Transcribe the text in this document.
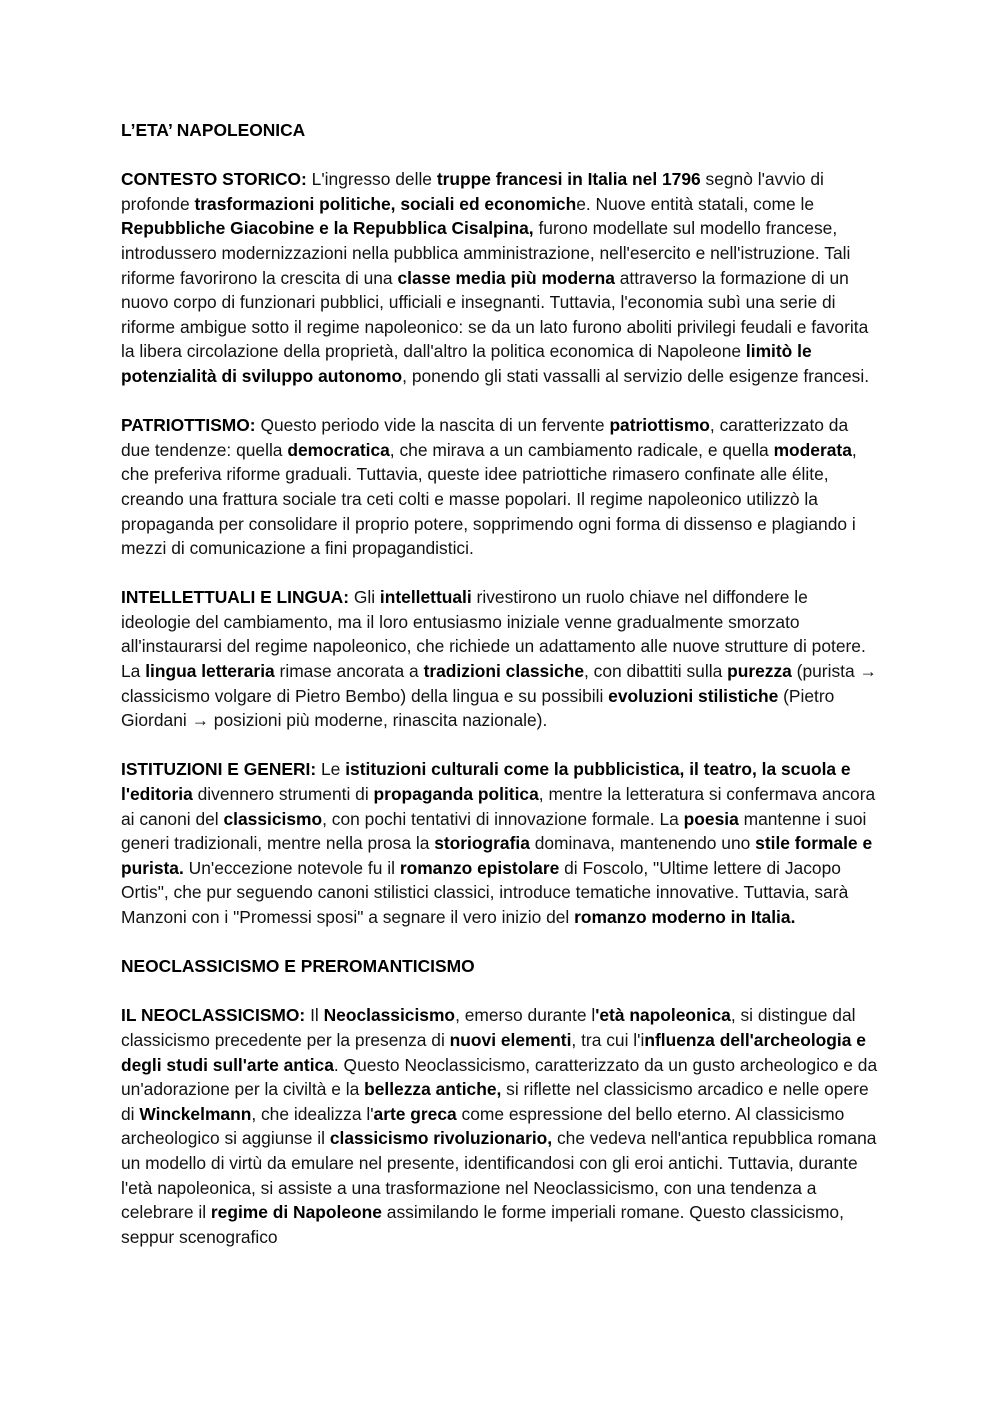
L’ETA’ NAPOLEONICA

CONTESTO STORICO: L'ingresso delle truppe francesi in Italia nel 1796 segnò l'avvio di profonde trasformazioni politiche, sociali ed economiche. Nuove entità statali, come le Repubbliche Giacobine e la Repubblica Cisalpina, furono modellate sul modello francese, introdussero modernizzazioni nella pubblica amministrazione, nell'esercito e nell'istruzione. Tali riforme favorirono la crescita di una classe media più moderna attraverso la formazione di un nuovo corpo di funzionari pubblici, ufficiali e insegnanti. Tuttavia, l'economia subì una serie di riforme ambigue sotto il regime napoleonico: se da un lato furono aboliti privilegi feudali e favorita la libera circolazione della proprietà, dall'altro la politica economica di Napoleone limitò le potenzialità di sviluppo autonomo, ponendo gli stati vassalli al servizio delle esigenze francesi.

PATRIOTTISMO: Questo periodo vide la nascita di un fervente patriottismo, caratterizzato da due tendenze: quella democratica, che mirava a un cambiamento radicale, e quella moderata, che preferiva riforme graduali. Tuttavia, queste idee patriottiche rimasero confinate alle élite, creando una frattura sociale tra ceti colti e masse popolari. Il regime napoleonico utilizzò la propaganda per consolidare il proprio potere, sopprimendo ogni forma di dissenso e plagiando i mezzi di comunicazione a fini propagandistici.

INTELLETTUALI E LINGUA: Gli intellettuali rivestirono un ruolo chiave nel diffondere le ideologie del cambiamento, ma il loro entusiasmo iniziale venne gradualmente smorzato all'instaurarsi del regime napoleonico, che richiede un adattamento alle nuove strutture di potere. La lingua letteraria rimase ancorata a tradizioni classiche, con dibattiti sulla purezza (purista → classicismo volgare di Pietro Bembo) della lingua e su possibili evoluzioni stilistiche (Pietro Giordani → posizioni più moderne, rinascita nazionale).

ISTITUZIONI E GENERI: Le istituzioni culturali come la pubblicistica, il teatro, la scuola e l'editoria divennero strumenti di propaganda politica, mentre la letteratura si confermava ancora ai canoni del classicismo, con pochi tentativi di innovazione formale. La poesia mantenne i suoi generi tradizionali, mentre nella prosa la storiografia dominava, mantenendo uno stile formale e purista. Un'eccezione notevole fu il romanzo epistolare di Foscolo, "Ultime lettere di Jacopo Ortis", che pur seguendo canoni stilistici classici, introduce tematiche innovative. Tuttavia, sarà Manzoni con i "Promessi sposi" a segnare il vero inizio del romanzo moderno in Italia.

NEOCLASSICISMO E PREROMANTICISMO

IL NEOCLASSICISMO: Il Neoclassicismo, emerso durante l'età napoleonica, si distingue dal classicismo precedente per la presenza di nuovi elementi, tra cui l'influenza dell'archeologia e degli studi sull'arte antica. Questo Neoclassicismo, caratterizzato da un gusto archeologico e da un'adorazione per la civiltà e la bellezza antiche, si riflette nel classicismo arcadico e nelle opere di Winckelmann, che idealizza l'arte greca come espressione del bello eterno. Al classicismo archeologico si aggiunse il classicismo rivoluzionario, che vedeva nell'antica repubblica romana un modello di virtù da emulare nel presente, identificandosi con gli eroi antichi. Tuttavia, durante l'età napoleonica, si assiste a una trasformazione nel Neoclassicismo, con una tendenza a celebrare il regime di Napoleone assimilando le forme imperiali romane. Questo classicismo, seppur scenografico
